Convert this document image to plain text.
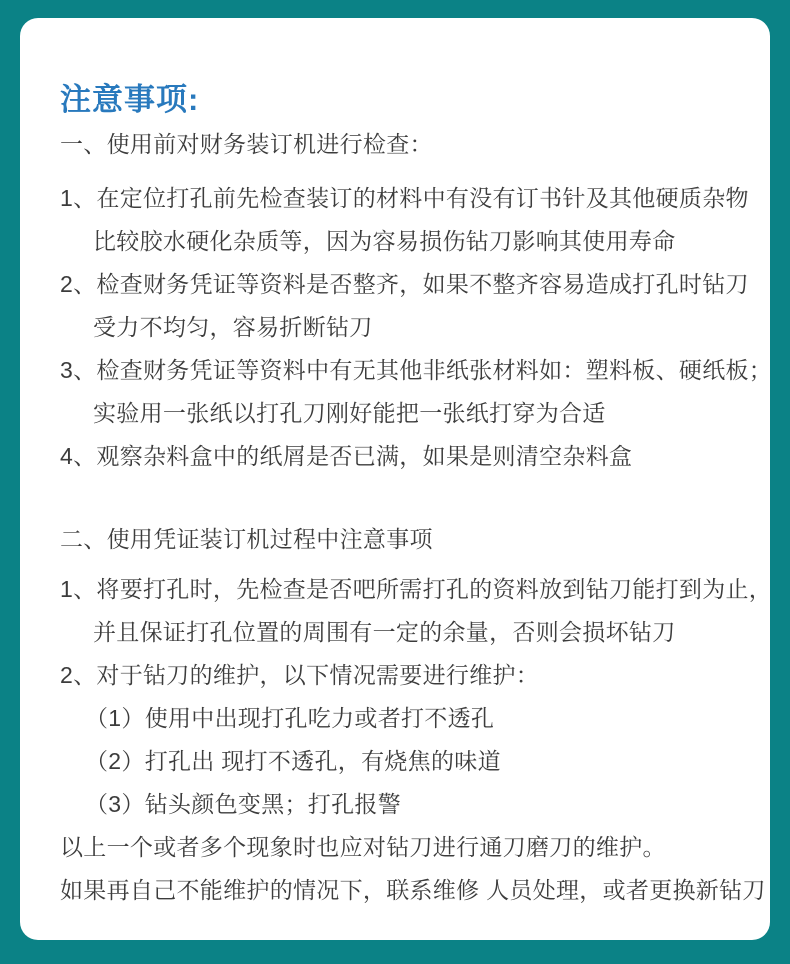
注意事项:
一、使用前对财务装订机进行检查：
1、在定位打孔前先检查装订的材料中有没有订书针及其他硬质杂物
比较胶水硬化杂质等，因为容易损伤钻刀影响其使用寿命
2、检查财务凭证等资料是否整齐，如果不整齐容易造成打孔时钻刀
受力不均匀，容易折断钻刀
3、检查财务凭证等资料中有无其他非纸张材料如：塑料板、硬纸板；
实验用一张纸以打孔刀刚好能把一张纸打穿为合适
4、观察杂料盒中的纸屑是否已满，如果是则清空杂料盒
二、使用凭证装订机过程中注意事项
1、将要打孔时，先检查是否吧所需打孔的资料放到钻刀能打到为止，
并且保证打孔位置的周围有一定的余量，否则会损坏钻刀
2、对于钻刀的维护，以下情况需要进行维护：
（1）使用中出现打孔吃力或者打不透孔
（2）打孔出 现打不透孔，有烧焦的味道
（3）钻头颜色变黑；打孔报警
以上一个或者多个现象时也应对钻刀进行通刀磨刀的维护。
如果再自己不能维护的情况下，联系维修 人员处理，或者更换新钻刀
